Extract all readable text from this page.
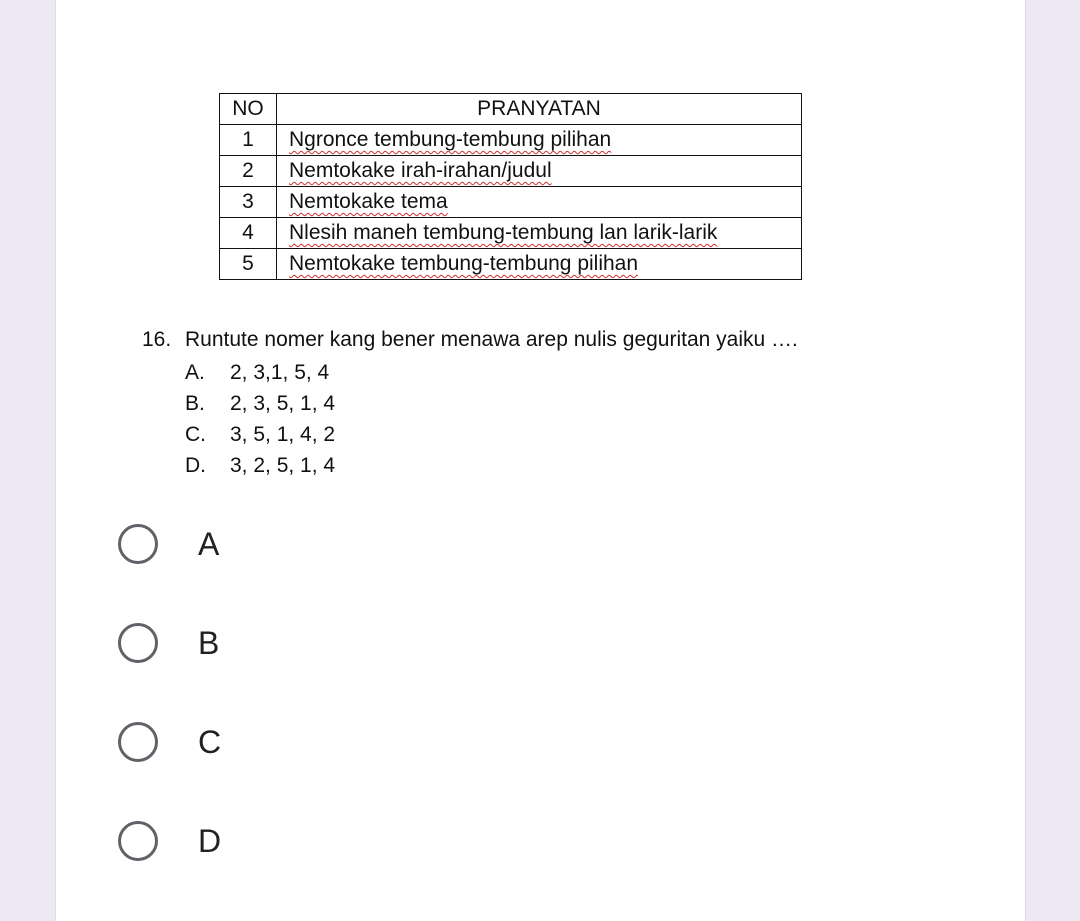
NO	PRANYATAN
1	Ngronce tembung-tembung pilihan
2	Nemtokake irah-irahan/judul
3	Nemtokake tema
4	Nlesih maneh tembung-tembung lan larik-larik
5	Nemtokake tembung-tembung pilihan
16. Runtute nomer kang bener menawa arep nulis geguritan yaiku ….
A. 2, 3,1, 5, 4
B. 2, 3, 5, 1, 4
C. 3, 5, 1, 4, 2
D. 3, 2, 5, 1, 4
A
B
C
D
